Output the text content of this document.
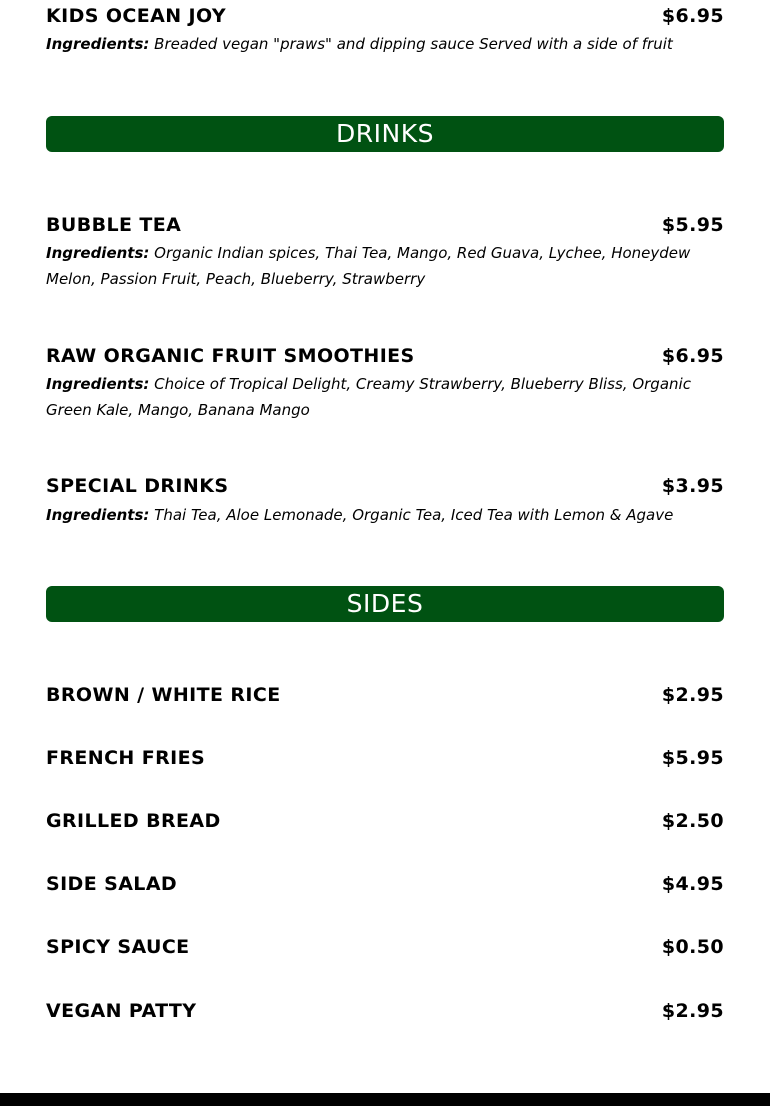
KIDS OCEAN JOY	$6.95
Ingredients: Breaded vegan "praws" and dipping sauce Served with a side of fruit
DRINKS
BUBBLE TEA	$5.95
Ingredients: Organic Indian spices, Thai Tea, Mango, Red Guava, Lychee, Honeydew Melon, Passion Fruit, Peach, Blueberry, Strawberry
RAW ORGANIC FRUIT SMOOTHIES	$6.95
Ingredients: Choice of Tropical Delight, Creamy Strawberry, Blueberry Bliss, Organic Green Kale, Mango, Banana Mango
SPECIAL DRINKS	$3.95
Ingredients: Thai Tea, Aloe Lemonade, Organic Tea, Iced Tea with Lemon & Agave
SIDES
BROWN / WHITE RICE	$2.95
FRENCH FRIES	$5.95
GRILLED BREAD	$2.50
SIDE SALAD	$4.95
SPICY SAUCE	$0.50
VEGAN PATTY	$2.95
